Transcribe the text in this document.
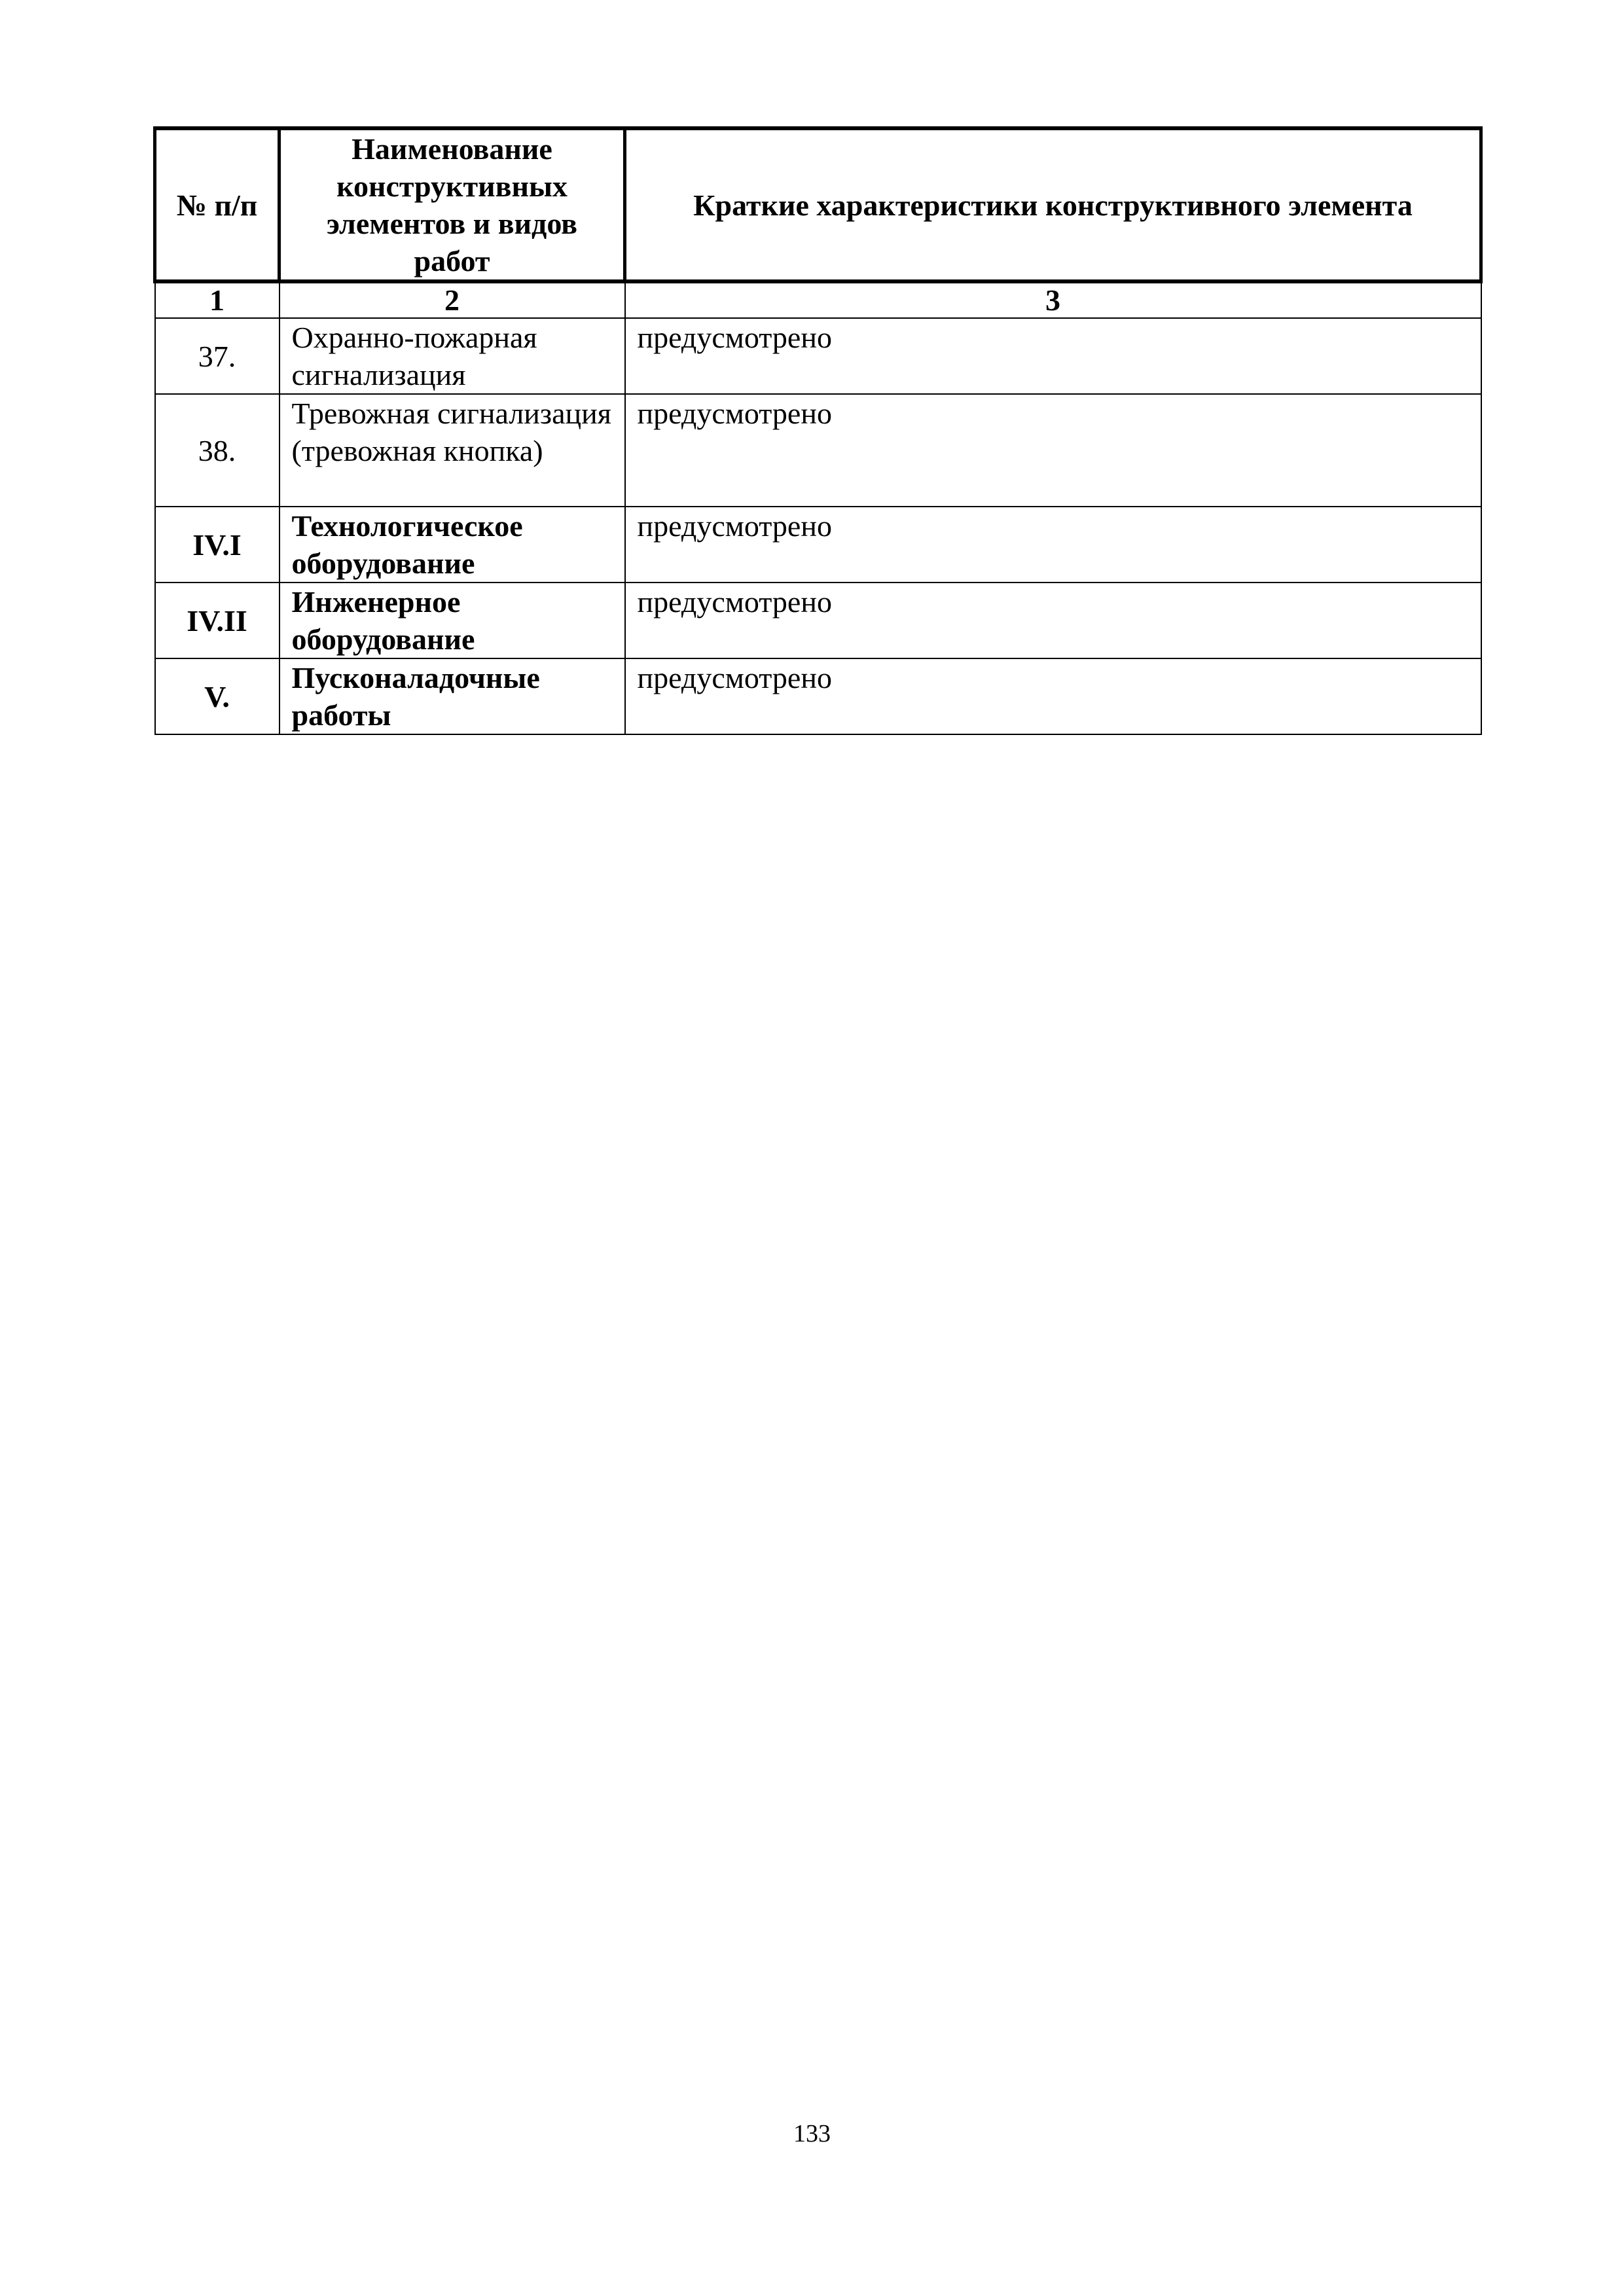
№ п/п	Наименование конструктивных элементов и видов работ	Краткие характеристики конструктивного элемента
1	2	3
37.	Охранно-пожарная сигнализация	предусмотрено
38.	Тревожная сигнализация (тревожная кнопка)	предусмотрено
IV.I	Технологическое оборудование	предусмотрено
IV.II	Инженерное оборудование	предусмотрено
V.	Пусконаладочные работы	предусмотрено
133
